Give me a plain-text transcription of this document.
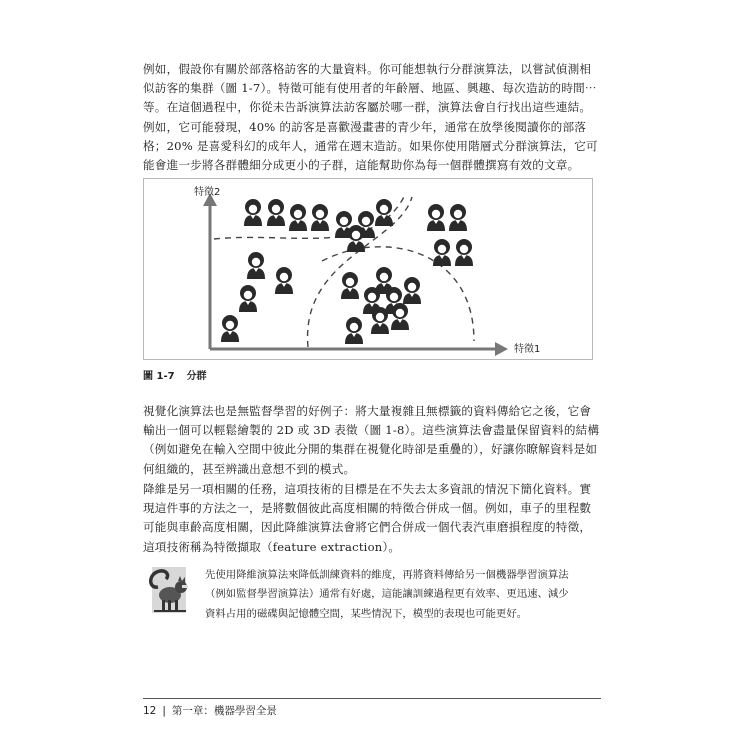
例如，假設你有關於部落格訪客的大量資料。你可能想執行分群演算法，以嘗試偵測相似訪客的集群（圖 1-7）。特徵可能有使用者的年齡層、地區、興趣、每次造訪的時間⋯等。在這個過程中，你從未告訴演算法訪客屬於哪一群，演算法會自行找出這些連結。例如，它可能發現，40% 的訪客是喜歡漫畫書的青少年，通常在放學後閱讀你的部落格；20% 是喜愛科幻的成年人，通常在週末造訪。如果你使用階層式分群演算法，它可能會進一步將各群體細分成更小的子群，這能幫助你為每一個群體撰寫有效的文章。

特徵2
特徵1
圖 1-7 分群

視覺化演算法也是無監督學習的好例子：將大量複雜且無標籤的資料傳給它之後，它會輸出一個可以輕鬆繪製的 2D 或 3D 表徵（圖 1-8）。這些演算法會盡量保留資料的結構（例如避免在輸入空間中彼此分開的集群在視覺化時卻是重疊的），好讓你瞭解資料是如何組織的，甚至辨識出意想不到的模式。

降維是另一項相關的任務，這項技術的目標是在不失去太多資訊的情況下簡化資料。實現這件事的方法之一，是將數個彼此高度相關的特徵合併成一個。例如，車子的里程數可能與車齡高度相關，因此降維演算法會將它們合併成一個代表汽車磨損程度的特徵，這項技術稱為特徵擷取（feature extraction）。

先使用降維演算法來降低訓練資料的維度，再將資料傳給另一個機器學習演算法（例如監督學習演算法）通常有好處，這能讓訓練過程更有效率、更迅速、減少資料占用的磁碟與記憶體空間，某些情況下，模型的表現也可能更好。

12 | 第一章：機器學習全景
